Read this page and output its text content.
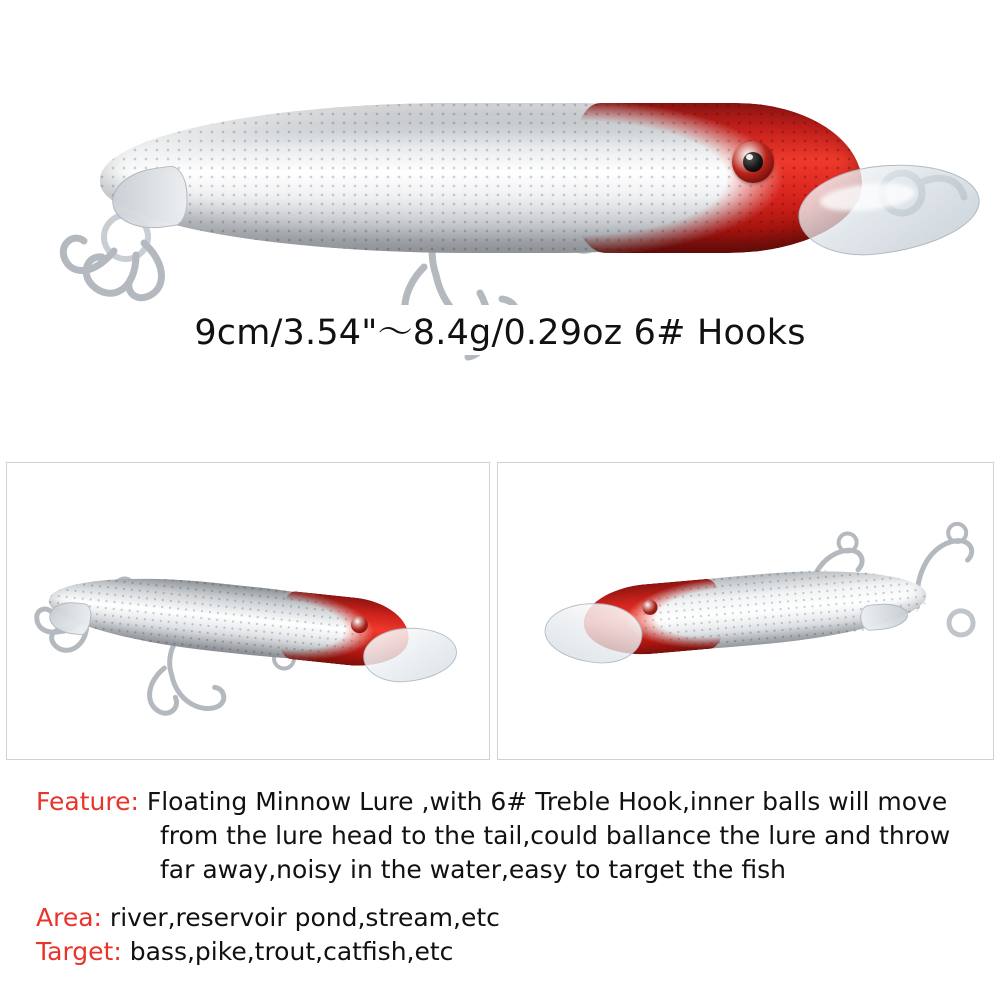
9cm/3.54"～8.4g/0.29oz 6# Hooks
Feature: Floating Minnow Lure ,with 6# Treble Hook,inner balls will move
from the lure head to the tail,could ballance the lure and throw
far away,noisy in the water,easy to target the fish
Area: river,reservoir pond,stream,etc
Target: bass,pike,trout,catfish,etc
